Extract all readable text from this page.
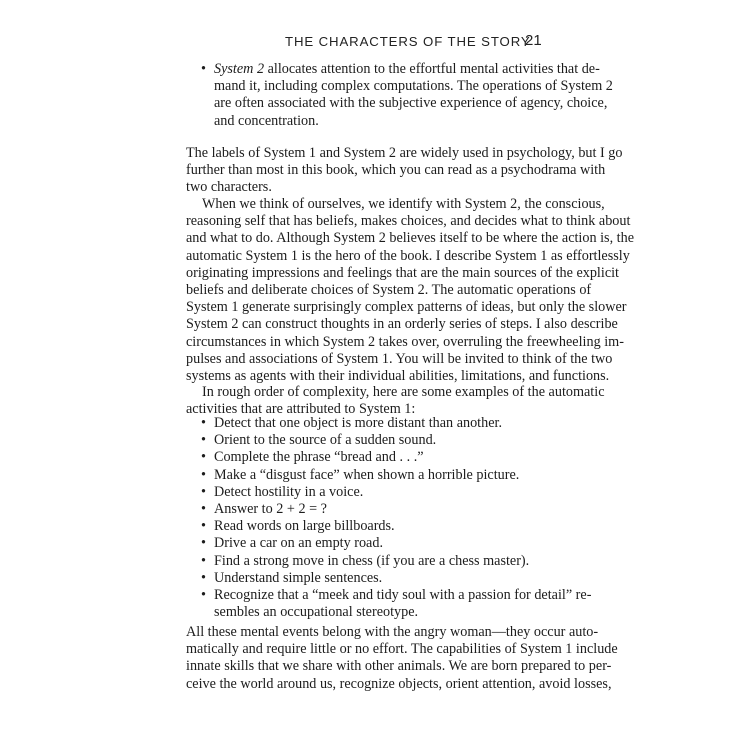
THE CHARACTERS OF THE STORY
21
• System 2 allocates attention to the effortful mental activities that de-
mand it, including complex computations. The operations of System 2
are often associated with the subjective experience of agency, choice,
and concentration.
The labels of System 1 and System 2 are widely used in psychology, but I go
further than most in this book, which you can read as a psychodrama with
two characters.
When we think of ourselves, we identify with System 2, the conscious,
reasoning self that has beliefs, makes choices, and decides what to think about
and what to do. Although System 2 believes itself to be where the action is, the
automatic System 1 is the hero of the book. I describe System 1 as effortlessly
originating impressions and feelings that are the main sources of the explicit
beliefs and deliberate choices of System 2. The automatic operations of
System 1 generate surprisingly complex patterns of ideas, but only the slower
System 2 can construct thoughts in an orderly series of steps. I also describe
circumstances in which System 2 takes over, overruling the freewheeling im-
pulses and associations of System 1. You will be invited to think of the two
systems as agents with their individual abilities, limitations, and functions.
In rough order of complexity, here are some examples of the automatic
activities that are attributed to System 1:
• Detect that one object is more distant than another.
• Orient to the source of a sudden sound.
• Complete the phrase “bread and . . .”
• Make a “disgust face” when shown a horrible picture.
• Detect hostility in a voice.
• Answer to 2 + 2 = ?
• Read words on large billboards.
• Drive a car on an empty road.
• Find a strong move in chess (if you are a chess master).
• Understand simple sentences.
• Recognize that a “meek and tidy soul with a passion for detail” re-
sembles an occupational stereotype.
All these mental events belong with the angry woman—they occur auto-
matically and require little or no effort. The capabilities of System 1 include
innate skills that we share with other animals. We are born prepared to per-
ceive the world around us, recognize objects, orient attention, avoid losses,
